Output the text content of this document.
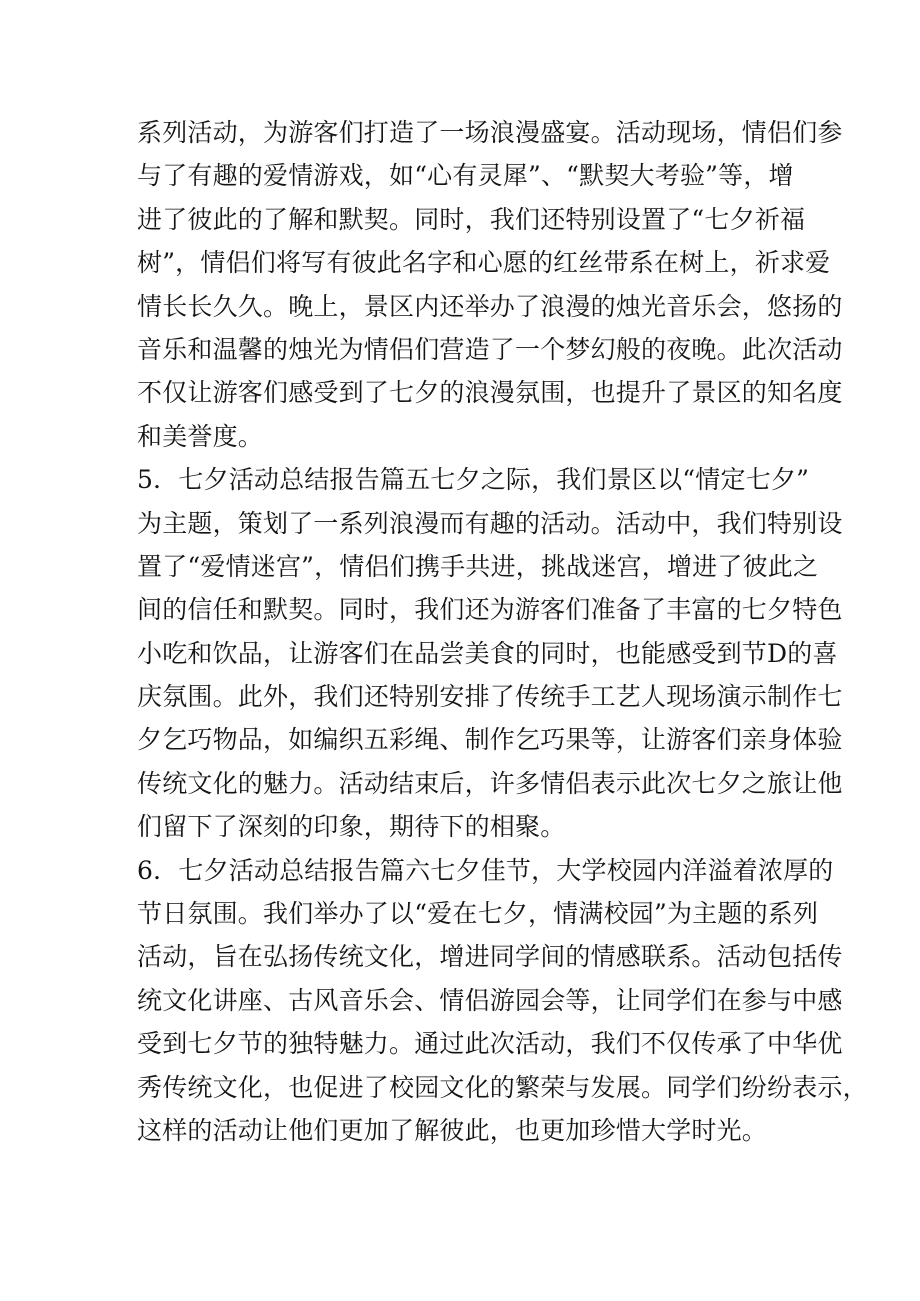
系列活动，为游客们打造了一场浪漫盛宴。活动现场，情侣们参
与了有趣的爱情游戏，如“心有灵犀”、“默契大考验”等，增
进了彼此的了解和默契。同时，我们还特别设置了“七夕祈福
树”，情侣们将写有彼此名字和心愿的红丝带系在树上，祈求爱
情长长久久。晚上，景区内还举办了浪漫的烛光音乐会，悠扬的
音乐和温馨的烛光为情侣们营造了一个梦幻般的夜晚。此次活动
不仅让游客们感受到了七夕的浪漫氛围，也提升了景区的知名度
和美誉度。
5．七夕活动总结报告篇五七夕之际，我们景区以“情定七夕”
为主题，策划了一系列浪漫而有趣的活动。活动中，我们特别设
置了“爱情迷宫”，情侣们携手共进，挑战迷宫，增进了彼此之
间的信任和默契。同时，我们还为游客们准备了丰富的七夕特色
小吃和饮品，让游客们在品尝美食的同时，也能感受到节D的喜
庆氛围。此外，我们还特别安排了传统手工艺人现场演示制作七
夕乞巧物品，如编织五彩绳、制作乞巧果等，让游客们亲身体验
传统文化的魅力。活动结束后，许多情侣表示此次七夕之旅让他
们留下了深刻的印象，期待下的相聚。
6．七夕活动总结报告篇六七夕佳节，大学校园内洋溢着浓厚的
节日氛围。我们举办了以“爱在七夕，情满校园”为主题的系列
活动，旨在弘扬传统文化，增进同学间的情感联系。活动包括传
统文化讲座、古风音乐会、情侣游园会等，让同学们在参与中感
受到七夕节的独特魅力。通过此次活动，我们不仅传承了中华优
秀传统文化，也促进了校园文化的繁荣与发展。同学们纷纷表示，
这样的活动让他们更加了解彼此，也更加珍惜大学时光。
